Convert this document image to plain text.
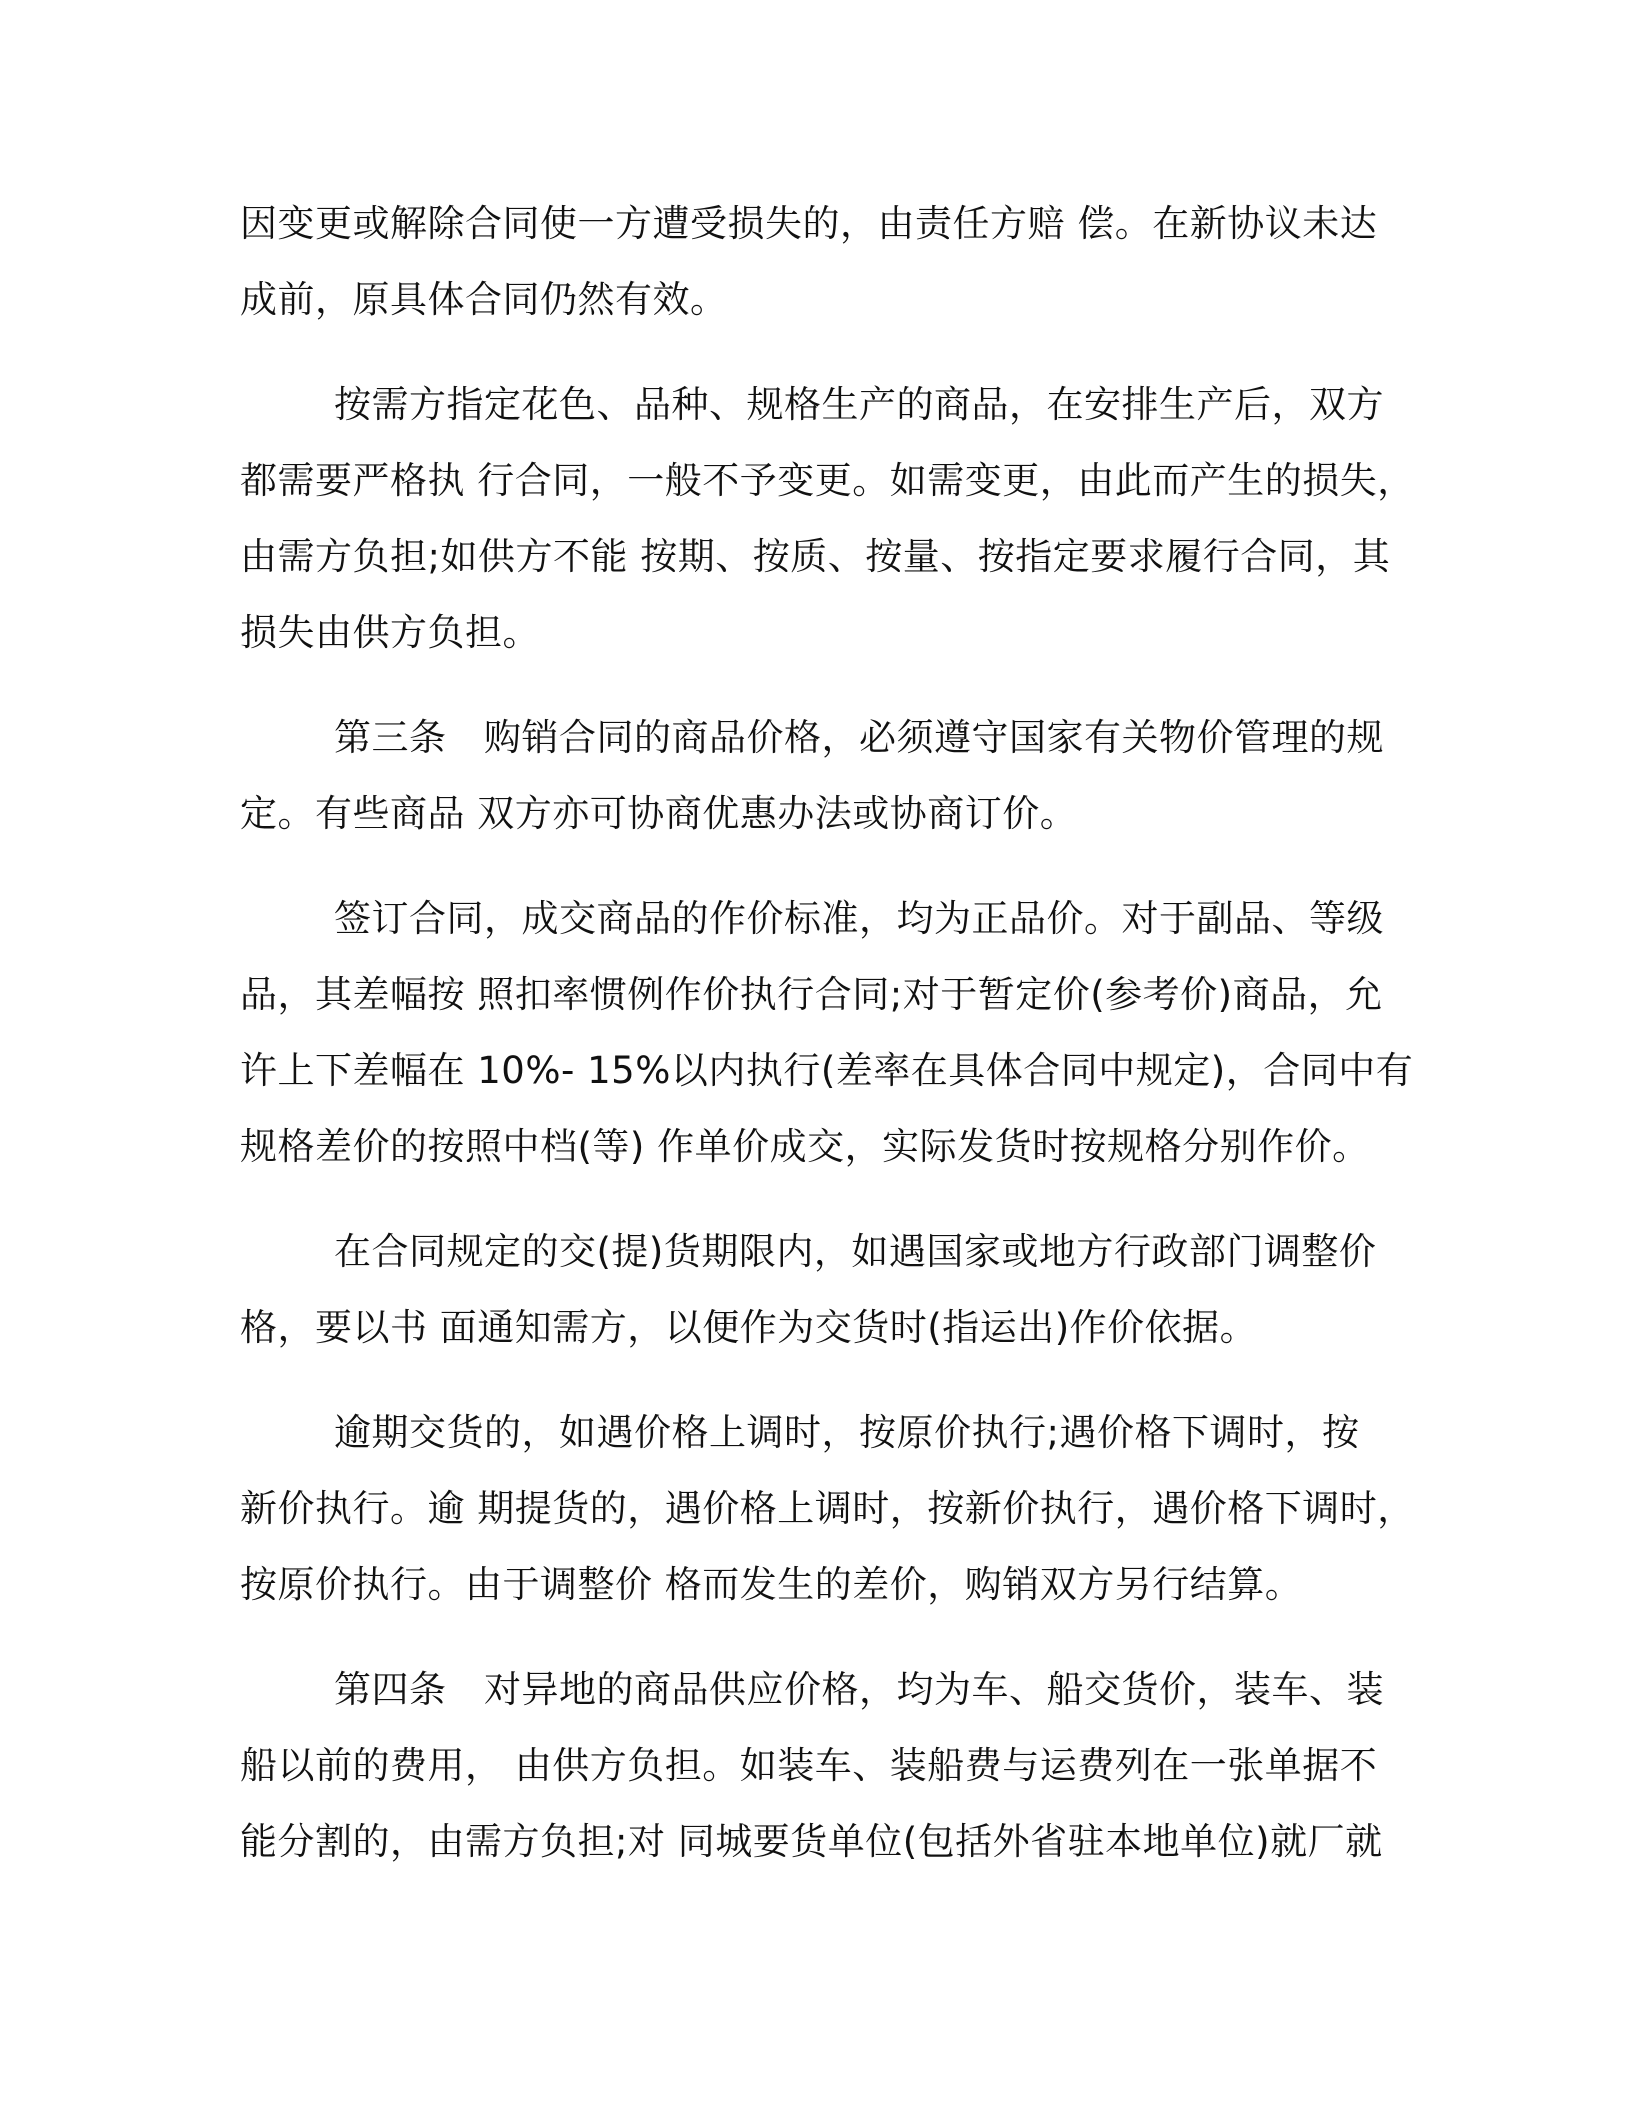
因变更或解除合同使一方遭受损失的，由责任方赔 偿。在新协议未达
成前，原具体合同仍然有效。
按需方指定花色、品种、规格生产的商品，在安排生产后，双方
都需要严格执 行合同，一般不予变更。如需变更，由此而产生的损失，
由需方负担;如供方不能 按期、按质、按量、按指定要求履行合同，其
损失由供方负担。
第三条　购销合同的商品价格，必须遵守国家有关物价管理的规
定。有些商品 双方亦可协商优惠办法或协商订价。
签订合同，成交商品的作价标准，均为正品价。对于副品、等级
品，其差幅按 照扣率惯例作价执行合同;对于暂定价(参考价)商品，允
许上下差幅在 10%- 15%以内执行(差率在具体合同中规定)，合同中有
规格差价的按照中档(等) 作单价成交，实际发货时按规格分别作价。
在合同规定的交(提)货期限内，如遇国家或地方行政部门调整价
格，要以书 面通知需方，以便作为交货时(指运出)作价依据。
逾期交货的，如遇价格上调时，按原价执行;遇价格下调时，按
新价执行。逾 期提货的，遇价格上调时，按新价执行，遇价格下调时，
按原价执行。由于调整价 格而发生的差价，购销双方另行结算。
第四条　对异地的商品供应价格，均为车、船交货价，装车、装
船以前的费用， 由供方负担。如装车、装船费与运费列在一张单据不
能分割的，由需方负担;对 同城要货单位(包括外省驻本地单位)就厂就
